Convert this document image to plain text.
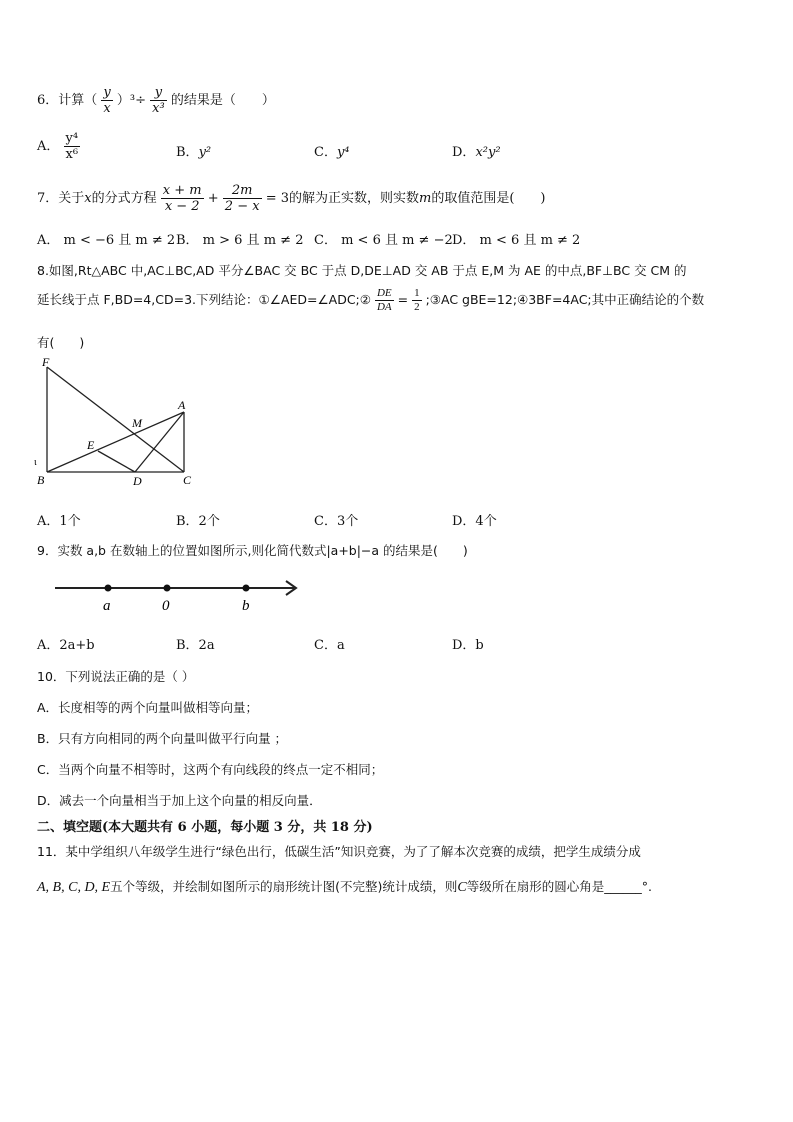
6．计算（ $\frac{y}{x} )^3\div \frac{y}{\text{x³}}$ 的结果是（　　）
A． $\frac{\text{y⁴}}{\text{x⁶}}$	B．y²	C．y⁴	D．x²y²
7．关于x的分式方程 $\frac{x + m}{x - 2} + \frac{2m}{2 - x} = 3$的解为正实数，则实数m的取值范围是(　　)
A． m < −6 且 m ≠ 2 B． m > 6 且 m ≠ 2 C． m < 6 且 m ≠ −2 D． m < 6 且 m ≠ 2
8.如图,Rt△ABC 中,AC⊥BC,AD 平分∠BAC 交 BC 于点 D,DE⊥AD 交 AB 于点 E,M 为 AE 的中点,BF⊥BC 交 CM 的
延长线于点 F,BD=4,CD=3.下列结论：①∠AED=∠ADC;② $\frac{DE}{DA} = \frac{1}{2}$ ;③AC gBE=12;④3BF=4AC;其中正确结论的个数
有(　　)
F
A
M
E
B	D	C
ι
A．1个	B．2个	C．3个	D．4个
9．实数 a,b 在数轴上的位置如图所示,则化简代数式|a+b|−a 的结果是(　　)
a	0	b
A．2a+b	B．2a	C．a	D．b
10．下列说法正确的是（ ）
A．长度相等的两个向量叫做相等向量；
B．只有方向相同的两个向量叫做平行向量 ；
C．当两个向量不相等时，这两个有向线段的终点一定不相同；
D．减去一个向量相当于加上这个向量的相反向量．
二、填空题(本大题共有 6 小题，每小题 3 分，共 18 分)
11．某中学组织八年级学生进行“绿色出行，低碳生活”知识竞赛，为了了解本次竞赛的成绩，把学生成绩分成
A, B, C, D, E五个等级，并绘制如图所示的扇形统计图(不完整)统计成绩，则C等级所在扇形的圆心角是______°.
